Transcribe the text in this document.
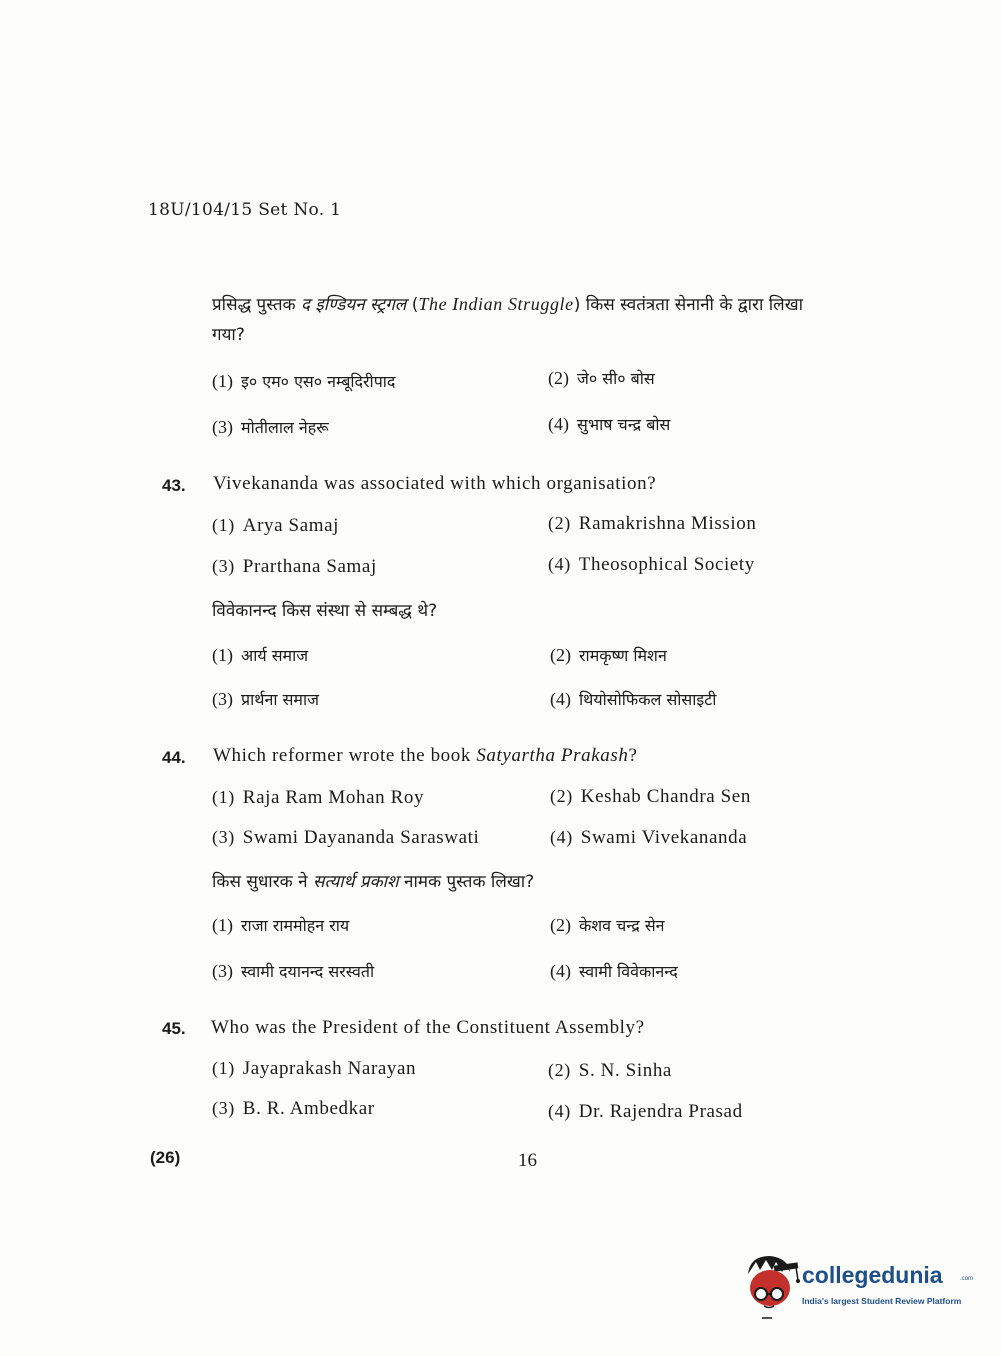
18U/104/15 Set No. 1
प्रसिद्ध पुस्तक द इण्डियन स्ट्रगल (The Indian Struggle) किस स्वतंत्रता सेनानी के द्वारा लिखा
गया?
(1) इ० एम० एस० नम्बूदिरीपाद	(2) जे० सी० बोस
(3) मोतीलाल नेहरू	(4) सुभाष चन्द्र बोस
43. Vivekananda was associated with which organisation?
(1) Arya Samaj	(2) Ramakrishna Mission
(3) Prarthana Samaj	(4) Theosophical Society
विवेकानन्द किस संस्था से सम्बद्ध थे?
(1) आर्य समाज	(2) रामकृष्ण मिशन
(3) प्रार्थना समाज	(4) थियोसोफिकल सोसाइटी
44. Which reformer wrote the book Satyartha Prakash?
(1) Raja Ram Mohan Roy	(2) Keshab Chandra Sen
(3) Swami Dayananda Saraswati	(4) Swami Vivekananda
किस सुधारक ने सत्यार्थ प्रकाश नामक पुस्तक लिखा?
(1) राजा राममोहन राय	(2) केशव चन्द्र सेन
(3) स्वामी दयानन्द सरस्वती	(4) स्वामी विवेकानन्द
45. Who was the President of the Constituent Assembly?
(1) Jayaprakash Narayan	(2) S. N. Sinha
(3) B. R. Ambedkar	(4) Dr. Rajendra Prasad
(26)	16
collegedunia	.com
India's largest Student Review Platform
